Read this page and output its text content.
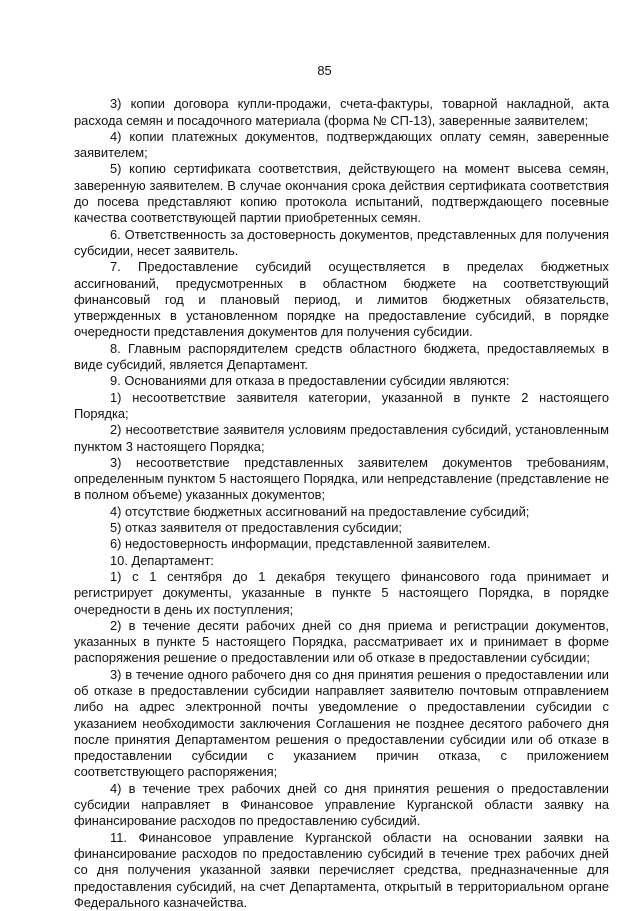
85

3) копии договора купли-продажи, счета-фактуры, товарной накладной, акта расхода семян и посадочного материала (форма № СП-13), заверенные заявителем;

4) копии платежных документов, подтверждающих оплату семян, заверенные заявителем;

5) копию сертификата соответствия, действующего на момент высева семян, заверенную заявителем. В случае окончания срока действия сертификата соответствия до посева представляют копию протокола испытаний, подтверждающего посевные качества соответствующей партии приобретенных семян.

6. Ответственность за достоверность документов, представленных для получения субсидии, несет заявитель.

7. Предоставление субсидий осуществляется в пределах бюджетных ассигнований, предусмотренных в областном бюджете на соответствующий финансовый год и плановый период, и лимитов бюджетных обязательств, утвержденных в установленном порядке на предоставление субсидий, в порядке очередности представления документов для получения субсидии.

8. Главным распорядителем средств областного бюджета, предоставляемых в виде субсидий, является Департамент.

9. Основаниями для отказа в предоставлении субсидии являются:

1) несоответствие заявителя категории, указанной в пункте 2 настоящего Порядка;

2) несоответствие заявителя условиям предоставления субсидий, установленным пунктом 3 настоящего Порядка;

3) несоответствие представленных заявителем документов требованиям, определенным пунктом 5 настоящего Порядка, или непредставление (представление не в полном объеме) указанных документов;

4) отсутствие бюджетных ассигнований на предоставление субсидий;

5) отказ заявителя от предоставления субсидии;

6) недостоверность информации, представленной заявителем.

10. Департамент:

1) с 1 сентября до 1 декабря текущего финансового года принимает и регистрирует документы, указанные в пункте 5 настоящего Порядка, в порядке очередности в день их поступления;

2) в течение десяти рабочих дней со дня приема и регистрации документов, указанных в пункте 5 настоящего Порядка, рассматривает их и принимает в форме распоряжения решение о предоставлении или об отказе в предоставлении субсидии;

3) в течение одного рабочего дня со дня принятия решения о предоставлении или об отказе в предоставлении субсидии направляет заявителю почтовым отправлением либо на адрес электронной почты уведомление о предоставлении субсидии с указанием необходимости заключения Соглашения не позднее десятого рабочего дня после принятия Департаментом решения о предоставлении субсидии или об отказе в предоставлении субсидии с указанием причин отказа, с приложением соответствующего распоряжения;

4) в течение трех рабочих дней со дня принятия решения о предоставлении субсидии направляет в Финансовое управление Курганской области заявку на финансирование расходов по предоставлению субсидий.

11. Финансовое управление Курганской области на основании заявки на финансирование расходов по предоставлению субсидий в течение трех рабочих дней со дня получения указанной заявки перечисляет средства, предназначенные для предоставления субсидий, на счет Департамента, открытый в территориальном органе Федерального казначейства.
